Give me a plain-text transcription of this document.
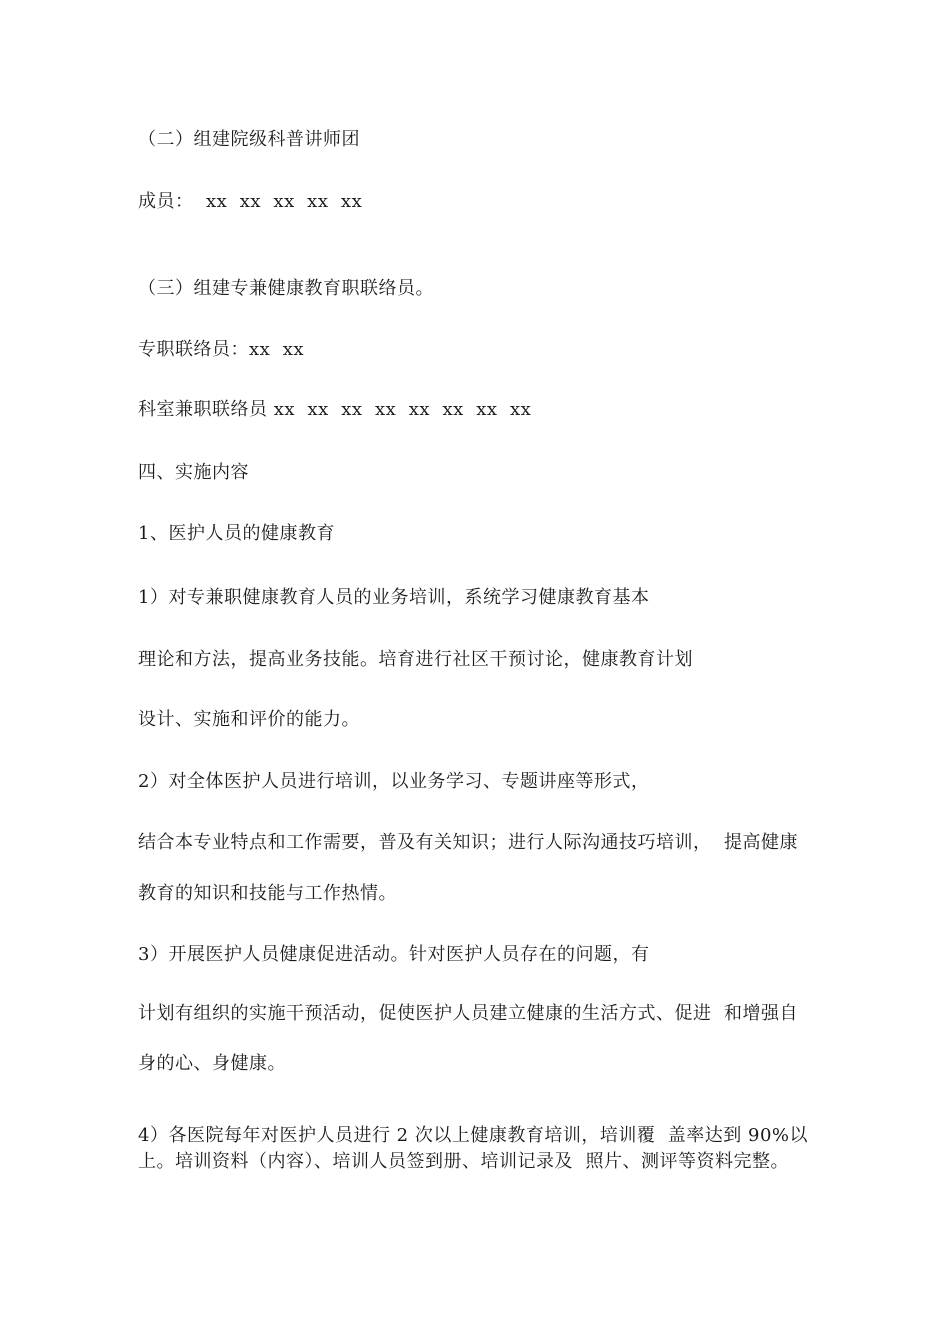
（二）组建院级科普讲师团
成员：  xx  xx  xx  xx  xx
（三）组建专兼健康教育职联络员。
专职联络员：xx  xx
科室兼职联络员 xx  xx  xx  xx  xx  xx  xx  xx
四、实施内容
1、医护人员的健康教育
1）对专兼职健康教育人员的业务培训，系统学习健康教育基本
理论和方法，提高业务技能。培育进行社区干预讨论，健康教育计划
设计、实施和评价的能力。
2）对全体医护人员进行培训，以业务学习、专题讲座等形式，
结合本专业特点和工作需要，普及有关知识；进行人际沟通技巧培训，  提高健康
教育的知识和技能与工作热情。
3）开展医护人员健康促进活动。针对医护人员存在的问题，有
计划有组织的实施干预活动，促使医护人员建立健康的生活方式、促进  和增强自
身的心、身健康。
4）各医院每年对医护人员进行 2 次以上健康教育培训，培训覆  盖率达到 90%以
上。培训资料（内容）、培训人员签到册、培训记录及  照片、测评等资料完整。
